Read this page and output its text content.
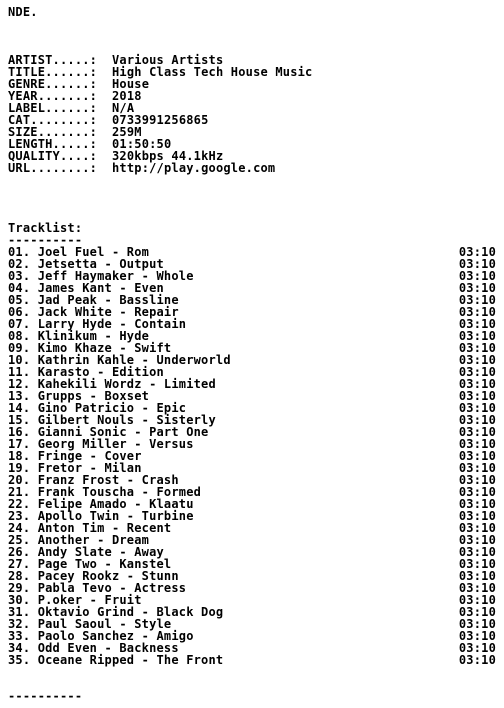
NDE.
ARTIST.....:	Various Artists
TITLE......:	High Class Tech House Music
GENRE......:	House
YEAR.......:	2018
LABEL......:	N/A
CAT........:	0733991256865
SIZE.......:	259M
LENGTH.....:	01:50:50
QUALITY....:	320kbps 44.1kHz
URL........:	http://play.google.com
Tracklist:
----------
01. Joel Fuel - Rom	03:10
02. Jetsetta - Output	03:10
03. Jeff Haymaker - Whole	03:10
04. James Kant - Even	03:10
05. Jad Peak - Bassline	03:10
06. Jack White - Repair	03:10
07. Larry Hyde - Contain	03:10
08. Klinikum - Hyde	03:10
09. Kimo Khaze - Swift	03:10
10. Kathrin Kahle - Underworld	03:10
11. Karasto - Edition	03:10
12. Kahekili Wordz - Limited	03:10
13. Grupps - Boxset	03:10
14. Gino Patricio - Epic	03:10
15. Gilbert Nouls - Sisterly	03:10
16. Gianni Sonic - Part One	03:10
17. Georg Miller - Versus	03:10
18. Fringe - Cover	03:10
19. Fretor - Milan	03:10
20. Franz Frost - Crash	03:10
21. Frank Touscha - Formed	03:10
22. Felipe Amado - Klaatu	03:10
23. Apollo Twin - Turbine	03:10
24. Anton Tim - Recent	03:10
25. Another - Dream	03:10
26. Andy Slate - Away	03:10
27. Page Two - Kanstel	03:10
28. Pacey Rookz - Stunn	03:10
29. Pabla Tevo - Actress	03:10
30. P.oker - Fruit	03:10
31. Oktavio Grind - Black Dog	03:10
32. Paul Saoul - Style	03:10
33. Paolo Sanchez - Amigo	03:10
34. Odd Even - Backness	03:10
35. Oceane Ripped - The Front	03:10
----------
